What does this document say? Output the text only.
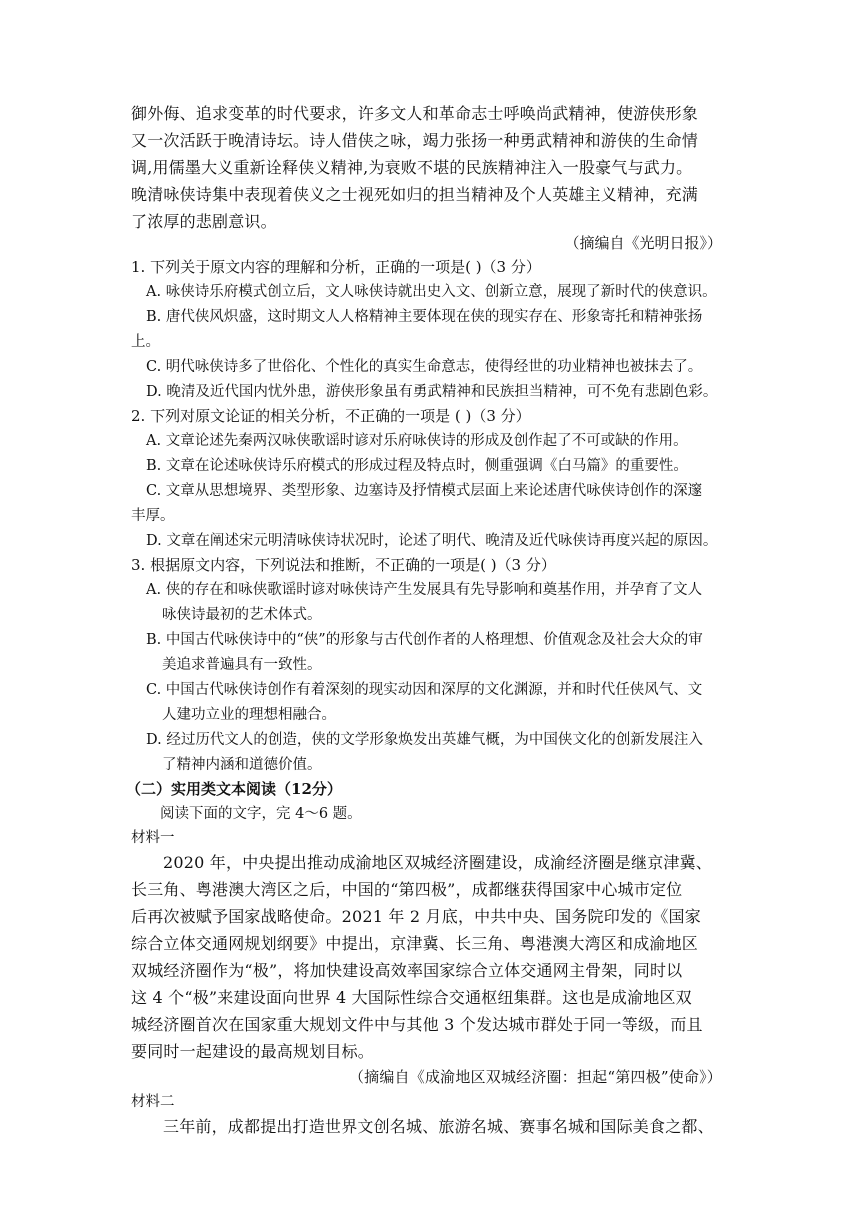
御外侮、追求变革的时代要求，许多文人和革命志士呼唤尚武精神，使游侠形象
又一次活跃于晚清诗坛。诗人借侠之咏，竭力张扬一种勇武精神和游侠的生命情
调,用儒墨大义重新诠释侠义精神,为衰败不堪的民族精神注入一股豪气与武力。
晚清咏侠诗集中表现着侠义之士视死如归的担当精神及个人英雄主义精神，充满
了浓厚的悲剧意识。
（摘编自《光明日报》）
1. 下列关于原文内容的理解和分析，正确的一项是( )（3 分）
A. 咏侠诗乐府模式创立后，文人咏侠诗就出史入文、创新立意，展现了新时代的侠意识。
B. 唐代侠风炽盛，这时期文人人格精神主要体现在侠的现实存在、形象寄托和精神张扬
上。
C. 明代咏侠诗多了世俗化、个性化的真实生命意志，使得经世的功业精神也被抹去了。
D. 晚清及近代国内忧外患，游侠形象虽有勇武精神和民族担当精神，可不免有悲剧色彩。
2. 下列对原文论证的相关分析，不正确的一项是 ( )（3 分）
A. 文章论述先秦两汉咏侠歌谣时谚对乐府咏侠诗的形成及创作起了不可或缺的作用。
B. 文章在论述咏侠诗乐府模式的形成过程及特点时，侧重强调《白马篇》的重要性。
C. 文章从思想境界、类型形象、边塞诗及抒情模式层面上来论述唐代咏侠诗创作的深邃
丰厚。
D. 文章在阐述宋元明清咏侠诗状况时，论述了明代、晚清及近代咏侠诗再度兴起的原因。
3. 根据原文内容，下列说法和推断，不正确的一项是( )（3 分）
A. 侠的存在和咏侠歌谣时谚对咏侠诗产生发展具有先导影响和奠基作用，并孕育了文人
咏侠诗最初的艺术体式。
B. 中国古代咏侠诗中的“侠”的形象与古代创作者的人格理想、价值观念及社会大众的审
美追求普遍具有一致性。
C. 中国古代咏侠诗创作有着深刻的现实动因和深厚的文化渊源，并和时代任侠风气、文
人建功立业的理想相融合。
D. 经过历代文人的创造，侠的文学形象焕发出英雄气概，为中国侠文化的创新发展注入
了精神内涵和道德价值。
（二）实用类文本阅读（12分）
阅读下面的文字，完 4～6 题。
材料一
2020 年，中央提出推动成渝地区双城经济圈建设，成渝经济圈是继京津冀、
长三角、粤港澳大湾区之后，中国的“第四极”，成都继获得国家中心城市定位
后再次被赋予国家战略使命。2021 年 2 月底，中共中央、国务院印发的《国家
综合立体交通网规划纲要》中提出，京津冀、长三角、粤港澳大湾区和成渝地区
双城经济圈作为“极”，将加快建设高效率国家综合立体交通网主骨架，同时以
这 4 个“极”来建设面向世界 4 大国际性综合交通枢纽集群。这也是成渝地区双
城经济圈首次在国家重大规划文件中与其他 3 个发达城市群处于同一等级，而且
要同时一起建设的最高规划目标。
（摘编自《成渝地区双城经济圈：担起“第四极”使命》）
材料二
三年前，成都提出打造世界文创名城、旅游名城、赛事名城和国际美食之都、
